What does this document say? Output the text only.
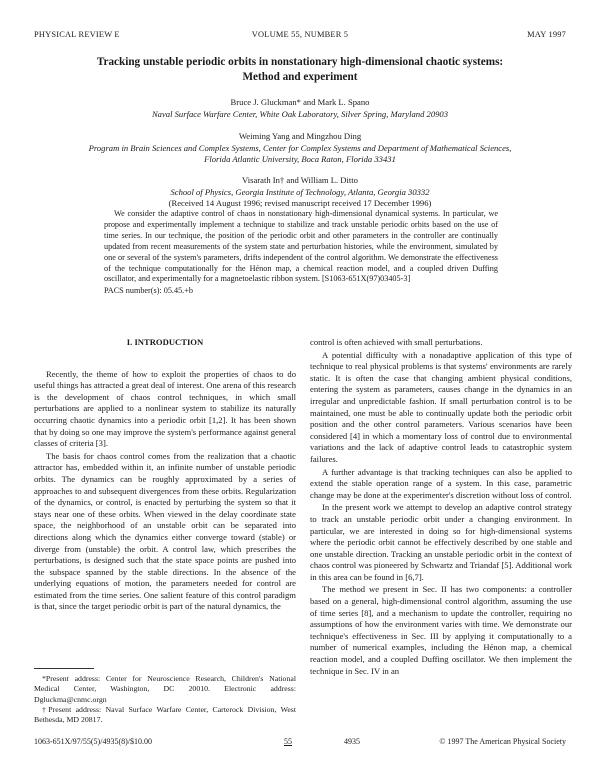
PHYSICAL REVIEW E	VOLUME 55, NUMBER 5	MAY 1997
Tracking unstable periodic orbits in nonstationary high-dimensional chaotic systems:
Method and experiment
Bruce J. Gluckman* and Mark L. Spano
Naval Surface Warfare Center, White Oak Laboratory, Silver Spring, Maryland 20903
Weiming Yang and Mingzhou Ding
Program in Brain Sciences and Complex Systems, Center for Complex Systems and Department of Mathematical Sciences,
Florida Atlantic University, Boca Raton, Florida 33431
Visarath In† and William L. Ditto
School of Physics, Georgia Institute of Technology, Atlanta, Georgia 30332
(Received 14 August 1996; revised manuscript received 17 December 1996)

We consider the adaptive control of chaos in nonstationary high-dimensional dynamical systems. In particular, we propose and experimentally implement a technique to stabilize and track unstable periodic orbits based on the use of time series. In our technique, the position of the periodic orbit and other parameters in the controller are continually updated from recent measurements of the system state and perturbation histories, while the environment, simulated by one or several of the system's parameters, drifts independent of the control algorithm. We demonstrate the effectiveness of the technique computationally for the Hénon map, a chemical reaction model, and a coupled driven Duffing oscillator, and experimentally for a magnetoelastic ribbon system. [S1063-651X(97)03405-3]

PACS number(s): 05.45.+b

I. INTRODUCTION

Recently, the theme of how to exploit the properties of chaos to do useful things has attracted a great deal of interest. One arena of this research is the development of chaos control techniques, in which small perturbations are applied to a nonlinear system to stabilize its naturally occurring chaotic dynamics into a periodic orbit [1,2]. It has been shown that by doing so one may improve the system's performance against general classes of criteria [3].

The basis for chaos control comes from the realization that a chaotic attractor has, embedded within it, an infinite number of unstable periodic orbits. The dynamics can be roughly approximated by a series of approaches to and subsequent divergences from these orbits. Regularization of the dynamics, or control, is enacted by perturbing the system so that it stays near one of these orbits. When viewed in the delay coordinate state space, the neighborhood of an unstable orbit can be separated into directions along which the dynamics either converge toward (stable) or diverge from (unstable) the orbit. A control law, which prescribes the perturbations, is designed such that the state space points are pushed into the subspace spanned by the stable directions. In the absence of the underlying equations of motion, the parameters needed for control are estimated from the time series. One salient feature of this control paradigm is that, since the target periodic orbit is part of the natural dynamics, the

control is often achieved with small perturbations.

A potential difficulty with a nonadaptive application of this type of technique to real physical problems is that systems' environments are rarely static. It is often the case that changing ambient physical conditions, entering the system as parameters, causes change in the dynamics in an irregular and unpredictable fashion. If small perturbation control is to be maintained, one must be able to continually update both the periodic orbit position and the other control parameters. Various scenarios have been considered [4] in which a momentary loss of control due to environmental variations and the lack of adaptive control leads to catastrophic system failures.

A further advantage is that tracking techniques can also be applied to extend the stable operation range of a system. In this case, parametric change may be done at the experimenter's discretion without loss of control.

In the present work we attempt to develop an adaptive control strategy to track an unstable periodic orbit under a changing environment. In particular, we are interested in doing so for high-dimensional systems where the periodic orbit cannot be effectively described by one stable and one unstable direction. Tracking an unstable periodic orbit in the context of chaos control was pioneered by Schwartz and Triandaf [5]. Additional work in this area can be found in [6,7].

The method we present in Sec. II has two components: a controller based on a general, high-dimensional control algorithm, assuming the use of time series [8], and a mechanism to update the controller, requiring no assumptions of how the environment varies with time. We demonstrate our technique's effectiveness in Sec. III by applying it computationally to a number of numerical examples, including the Hénon map, a chemical reaction model, and a coupled Duffing oscillator. We then implement the technique in Sec. IV in an

*Present address: Center for Neuroscience Research, Children's National Medical Center, Washington, DC 20010. Electronic address: Dgluckma@cnmc.orgn

†Present address: Naval Surface Warfare Center, Carterock Division, West Bethesda, MD 20817.

1063-651X/97/55(5)/4935(8)/$10.00	55	4935	© 1997 The American Physical Society
